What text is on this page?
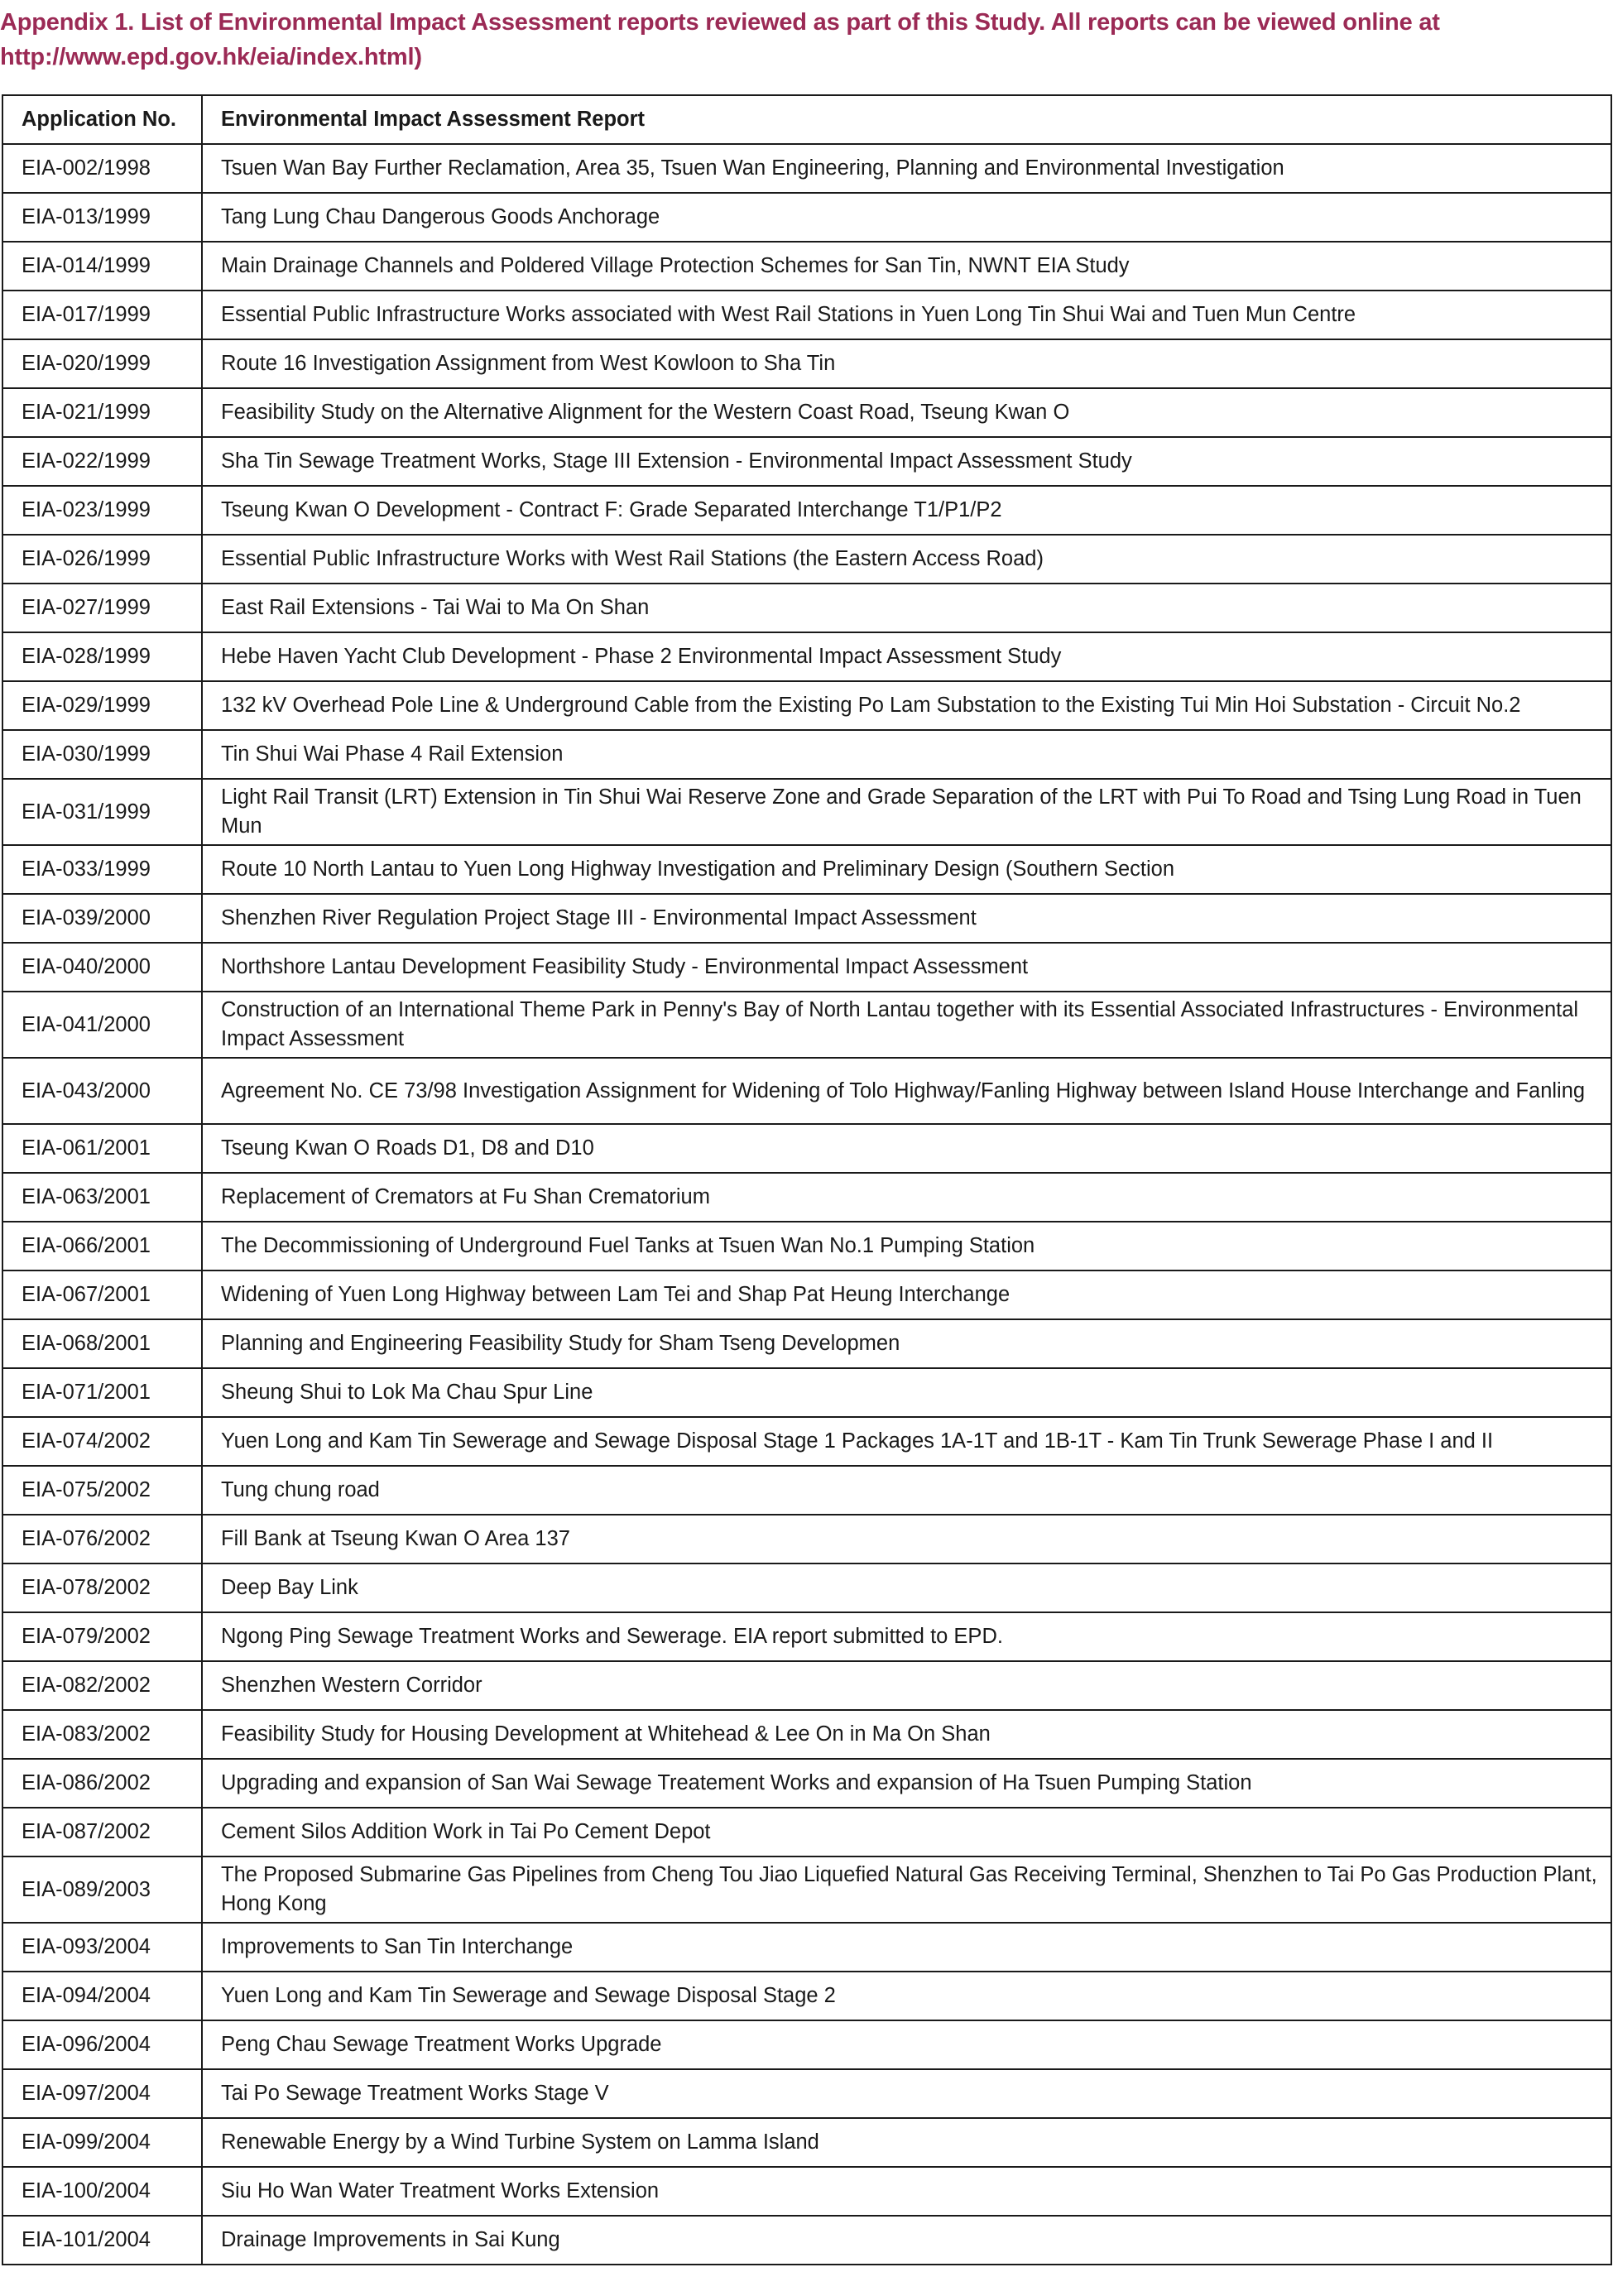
Appendix 1. List of Environmental Impact Assessment reports reviewed as part of this Study. All reports can be viewed online at http://www.epd.gov.hk/eia/index.html)

Application No.	Environmental Impact Assessment Report
EIA-002/1998	Tsuen Wan Bay Further Reclamation, Area 35, Tsuen Wan Engineering, Planning and Environmental Investigation
EIA-013/1999	Tang Lung Chau Dangerous Goods Anchorage
EIA-014/1999	Main Drainage Channels and Poldered Village Protection Schemes for San Tin, NWNT EIA Study
EIA-017/1999	Essential Public Infrastructure Works associated with West Rail Stations in Yuen Long Tin Shui Wai and Tuen Mun Centre
EIA-020/1999	Route 16 Investigation Assignment from West Kowloon to Sha Tin
EIA-021/1999	Feasibility Study on the Alternative Alignment for the Western Coast Road, Tseung Kwan O
EIA-022/1999	Sha Tin Sewage Treatment Works, Stage III Extension - Environmental Impact Assessment Study
EIA-023/1999	Tseung Kwan O Development - Contract F: Grade Separated Interchange T1/P1/P2
EIA-026/1999	Essential Public Infrastructure Works with West Rail Stations (the Eastern Access Road)
EIA-027/1999	East Rail Extensions - Tai Wai to Ma On Shan
EIA-028/1999	Hebe Haven Yacht Club Development - Phase 2 Environmental Impact Assessment Study
EIA-029/1999	132 kV Overhead Pole Line & Underground Cable from the Existing Po Lam Substation to the Existing Tui Min Hoi Substation - Circuit No.2
EIA-030/1999	Tin Shui Wai Phase 4 Rail Extension
EIA-031/1999	Light Rail Transit (LRT) Extension in Tin Shui Wai Reserve Zone and Grade Separation of the LRT with Pui To Road and Tsing Lung Road in Tuen Mun
EIA-033/1999	Route 10 North Lantau to Yuen Long Highway Investigation and Preliminary Design (Southern Section
EIA-039/2000	Shenzhen River Regulation Project Stage III - Environmental Impact Assessment
EIA-040/2000	Northshore Lantau Development Feasibility Study - Environmental Impact Assessment
EIA-041/2000	Construction of an International Theme Park in Penny's Bay of North Lantau together with its Essential Associated Infrastructures - Environmental Impact Assessment
EIA-043/2000	Agreement No. CE 73/98 Investigation Assignment for Widening of Tolo Highway/Fanling Highway between Island House Interchange and Fanling
EIA-061/2001	Tseung Kwan O Roads D1, D8 and D10
EIA-063/2001	Replacement of Cremators at Fu Shan Crematorium
EIA-066/2001	The Decommissioning of Underground Fuel Tanks at Tsuen Wan No.1 Pumping Station
EIA-067/2001	Widening of Yuen Long Highway between Lam Tei and Shap Pat Heung Interchange
EIA-068/2001	Planning and Engineering Feasibility Study for Sham Tseng Developmen
EIA-071/2001	Sheung Shui to Lok Ma Chau Spur Line
EIA-074/2002	Yuen Long and Kam Tin Sewerage and Sewage Disposal Stage 1 Packages 1A-1T and 1B-1T - Kam Tin Trunk Sewerage Phase I and II
EIA-075/2002	Tung chung road
EIA-076/2002	Fill Bank at Tseung Kwan O Area 137
EIA-078/2002	Deep Bay Link
EIA-079/2002	Ngong Ping Sewage Treatment Works and Sewerage. EIA report submitted to EPD.
EIA-082/2002	Shenzhen Western Corridor
EIA-083/2002	Feasibility Study for Housing Development at Whitehead & Lee On in Ma On Shan
EIA-086/2002	Upgrading and expansion of San Wai Sewage Treatement Works and expansion of Ha Tsuen Pumping Station
EIA-087/2002	Cement Silos Addition Work in Tai Po Cement Depot
EIA-089/2003	The Proposed Submarine Gas Pipelines from Cheng Tou Jiao Liquefied Natural Gas Receiving Terminal, Shenzhen to Tai Po Gas Production Plant, Hong Kong
EIA-093/2004	Improvements to San Tin Interchange
EIA-094/2004	Yuen Long and Kam Tin Sewerage and Sewage Disposal Stage 2
EIA-096/2004	Peng Chau Sewage Treatment Works Upgrade
EIA-097/2004	Tai Po Sewage Treatment Works Stage V
EIA-099/2004	Renewable Energy by a Wind Turbine System on Lamma Island
EIA-100/2004	Siu Ho Wan Water Treatment Works Extension
EIA-101/2004	Drainage Improvements in Sai Kung
